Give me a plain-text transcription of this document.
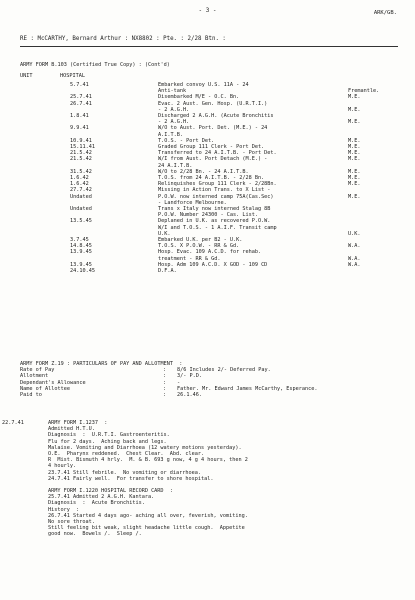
- 3 -	ARK/GB.
RE : McCARTHY, Bernard Arthur : NX8802 : Pte. : 2/28 Btn. :
ARMY FORM B.103 (Certified True Copy) : (Cont'd)
UNIT	HOSPITAL
5.7.41	Embarked convoy U.S. 11A - 24
Anti-tank	Fremantle.
25.7.41	Disembarked M/E - O.C. Bn.	M.E.
26.7.41	Evac. 2 Aust. Gen. Hosp. (U.R.T.I.)
- 2 A.G.H.	M.E.
1.8.41	Discharged 2 A.G.H. (Acute Bronchitis
- 2 A.G.H.	M.E.
9.9.41	W/O to Aust. Port. Det. (M.E.) - 24
A.I.T.B.
10.9.41	T.O.S. - Port Det.	M.E.
15.11.41	Graded Group 111 Clerk - Port Det.	M.E.
21.5.42	Transferred to 24 A.I.T.B. - Port Det.	M.E.
21.5.42	W/I from Aust. Port Detach (M.E.) -	M.E.
24 A.I.T.B.
31.5.42	W/O to 2/28 Bn. - 24 A.I.T.B.	M.E.
1.6.42	T.O.S. from 24 A.I.T.B. - 2/28 Bn.	M.E.
1.6.42	Relinquishes Group 111 Clerk - 2/28Bn.	M.E.
27.7.42	Missing in Action Trans. to X List -
Undated	P.O.W. now interned camp 75A(Cas.Sec)	M.E.
- Landforce Melbourne.
Undated	Trans x Italy now interned Stalag 8B
P.O.W. Number 24300 - Cas. List.
13.5.45	Deplaned in U.K. as recovered P.O.W.
W/I and T.O.S. - 1 A.I.F. Transit camp
U.K.	U.K.
3.7.45	Embarked U.K. per B2 - U.K.
14.8.45	T.O.S. X P.O.W. - RR & Gd.	W.A.
13.9.45	Hosp. Evac. 109 A.C.D. for rehab.
treatment - RR & Gd.	W.A.
13.9.45	Hosp. Adm 109 A.C.D. X GOD - 109 CD	W.A.
24.10.45	D.F.A.
ARMY FORM Z.19 : PARTICULARS OF PAY AND ALLOTMENT  :
Rate of Pay	:	8/6 Includes 2/- Deferred Pay.
Allotment	:	3/- P.D.
Dependant's Allowance	:	-
Name of Allottee	:	Father. Mr. Edward James McCarthy, Esperance.
Paid to	:	26.1.46.
22.7.41	ARMY FORM I.1237  :
Admitted H.T.U.
Diagnosis  :  U.R.T.I. Gastroenteritis.
Flu for 2 days.  Aching back and legs.
Malaise. Vomiting and Diarrhoea (12 watery motions yesterday).
O.E.  Pharynx reddened.  Chest Clear.  Abd. clear.
R  Mist. Bismuth 4 hrly.  M. & B. 693 g now, 4 g 4 hours, then 2
4 hourly.
23.7.41 Still febrile.  No vomiting or diarrhoea.
24.7.41 Fairly well.  For transfer to shore hospital.
ARMY FORM I.1220 HOSPITAL RECORD CARD  :
25.7.41 Admitted 2 A.G.H. Kantara.
Diagnosis  :  Acute Bronchitis.
History  :
26.7.41 Started 4 days ago- aching all over, feverish, vomiting.
No sore throat.
Still feeling bit weak, slight headache little cough.  Appetite
good now.  Bowels /.  Sleep /.
